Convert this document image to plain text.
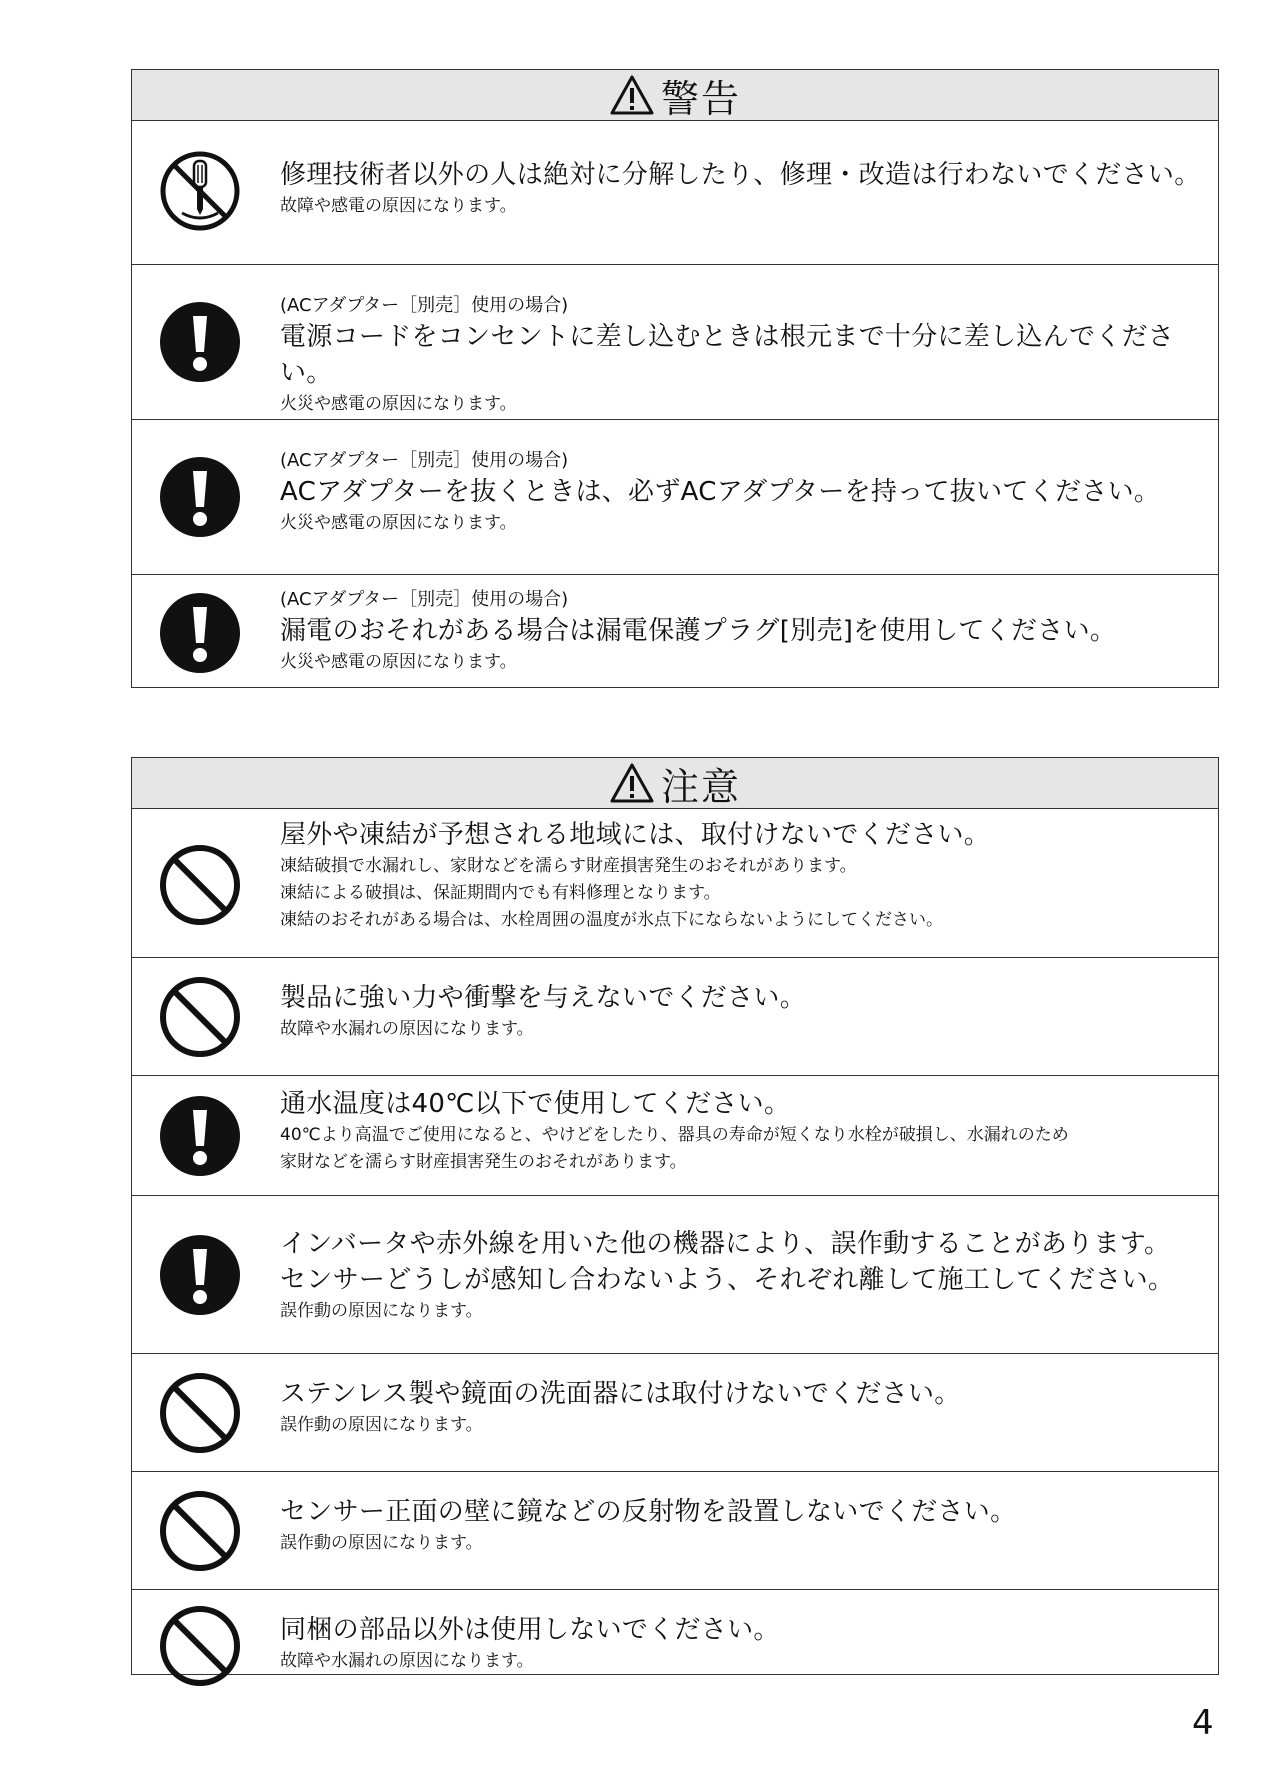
警告
修理技術者以外の人は絶対に分解したり、修理・改造は行わないでください。
故障や感電の原因になります。
(ACアダプター［別売］使用の場合)
電源コードをコンセントに差し込むときは根元まで十分に差し込んでください。
火災や感電の原因になります。
(ACアダプター［別売］使用の場合)
ACアダプターを抜くときは、必ずACアダプターを持って抜いてください。
火災や感電の原因になります。
(ACアダプター［別売］使用の場合)
漏電のおそれがある場合は漏電保護プラグ[別売]を使用してください。
火災や感電の原因になります。
注意
屋外や凍結が予想される地域には、取付けないでください。
凍結破損で水漏れし、家財などを濡らす財産損害発生のおそれがあります。
凍結による破損は、保証期間内でも有料修理となります。
凍結のおそれがある場合は、水栓周囲の温度が氷点下にならないようにしてください。
製品に強い力や衝撃を与えないでください。
故障や水漏れの原因になります。
通水温度は40℃以下で使用してください。
40℃より高温でご使用になると、やけどをしたり、器具の寿命が短くなり水栓が破損し、水漏れのため
家財などを濡らす財産損害発生のおそれがあります。
インバータや赤外線を用いた他の機器により、誤作動することがあります。
センサーどうしが感知し合わないよう、それぞれ離して施工してください。
誤作動の原因になります。
ステンレス製や鏡面の洗面器には取付けないでください。
誤作動の原因になります。
センサー正面の壁に鏡などの反射物を設置しないでください。
誤作動の原因になります。
同梱の部品以外は使用しないでください。
故障や水漏れの原因になります。
4
